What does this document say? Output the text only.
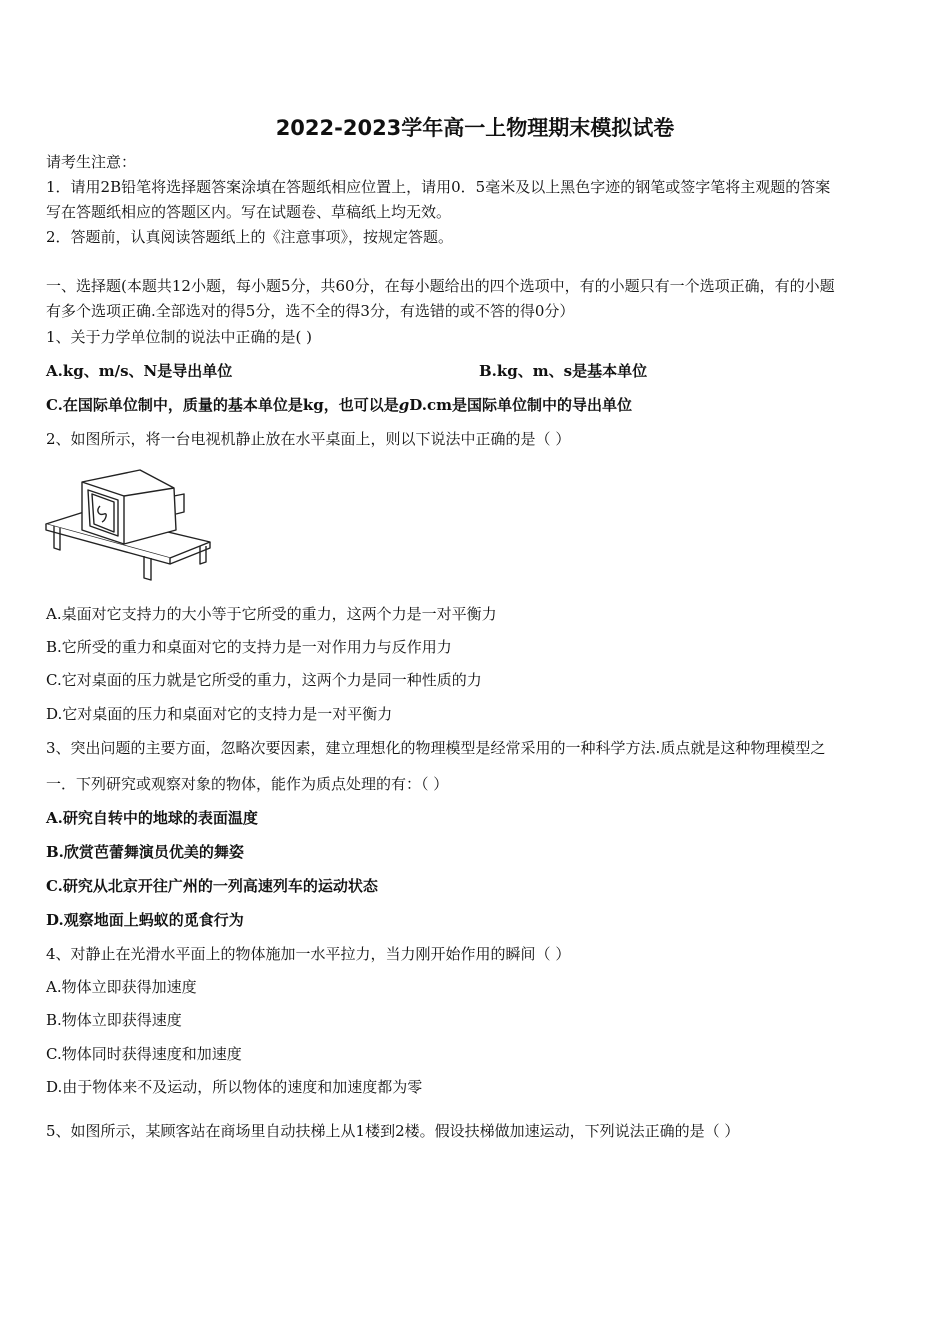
2022-2023学年高一上物理期末模拟试卷
请考生注意：
1．请用2B铅笔将选择题答案涂填在答题纸相应位置上，请用0．5毫米及以上黑色字迹的钢笔或签字笔将主观题的答案
写在答题纸相应的答题区内。写在试题卷、草稿纸上均无效。
2．答题前，认真阅读答题纸上的《注意事项》，按规定答题。
一、选择题(本题共12小题，每小题5分，共60分，在每小题给出的四个选项中，有的小题只有一个选项正确，有的小题
有多个选项正确.全部选对的得5分，选不全的得3分，有选错的或不答的得0分）
1、关于力学单位制的说法中正确的是( )
A.kg、m/s、N是导出单位	B.kg、m、s是基本单位
C.在国际单位制中，质量的基本单位是kg，也可以是gD.cm是国际单位制中的导出单位
2、如图所示，将一台电视机静止放在水平桌面上，则以下说法中正确的是（ ）
A.桌面对它支持力的大小等于它所受的重力，这两个力是一对平衡力
B.它所受的重力和桌面对它的支持力是一对作用力与反作用力
C.它对桌面的压力就是它所受的重力，这两个力是同一种性质的力
D.它对桌面的压力和桌面对它的支持力是一对平衡力
3、突出问题的主要方面，忽略次要因素，建立理想化的物理模型是经常采用的一种科学方法.质点就是这种物理模型之
一．下列研究或观察对象的物体，能作为质点处理的有：（ ）
A.研究自转中的地球的表面温度
B.欣赏芭蕾舞演员优美的舞姿
C.研究从北京开往广州的一列高速列车的运动状态
D.观察地面上蚂蚁的觅食行为
4、对静止在光滑水平面上的物体施加一水平拉力，当力刚开始作用的瞬间（ ）
A.物体立即获得加速度
B.物体立即获得速度
C.物体同时获得速度和加速度
D.由于物体来不及运动，所以物体的速度和加速度都为零
5、如图所示，某顾客站在商场里自动扶梯上从1楼到2楼。假设扶梯做加速运动，下列说法正确的是（ ）
